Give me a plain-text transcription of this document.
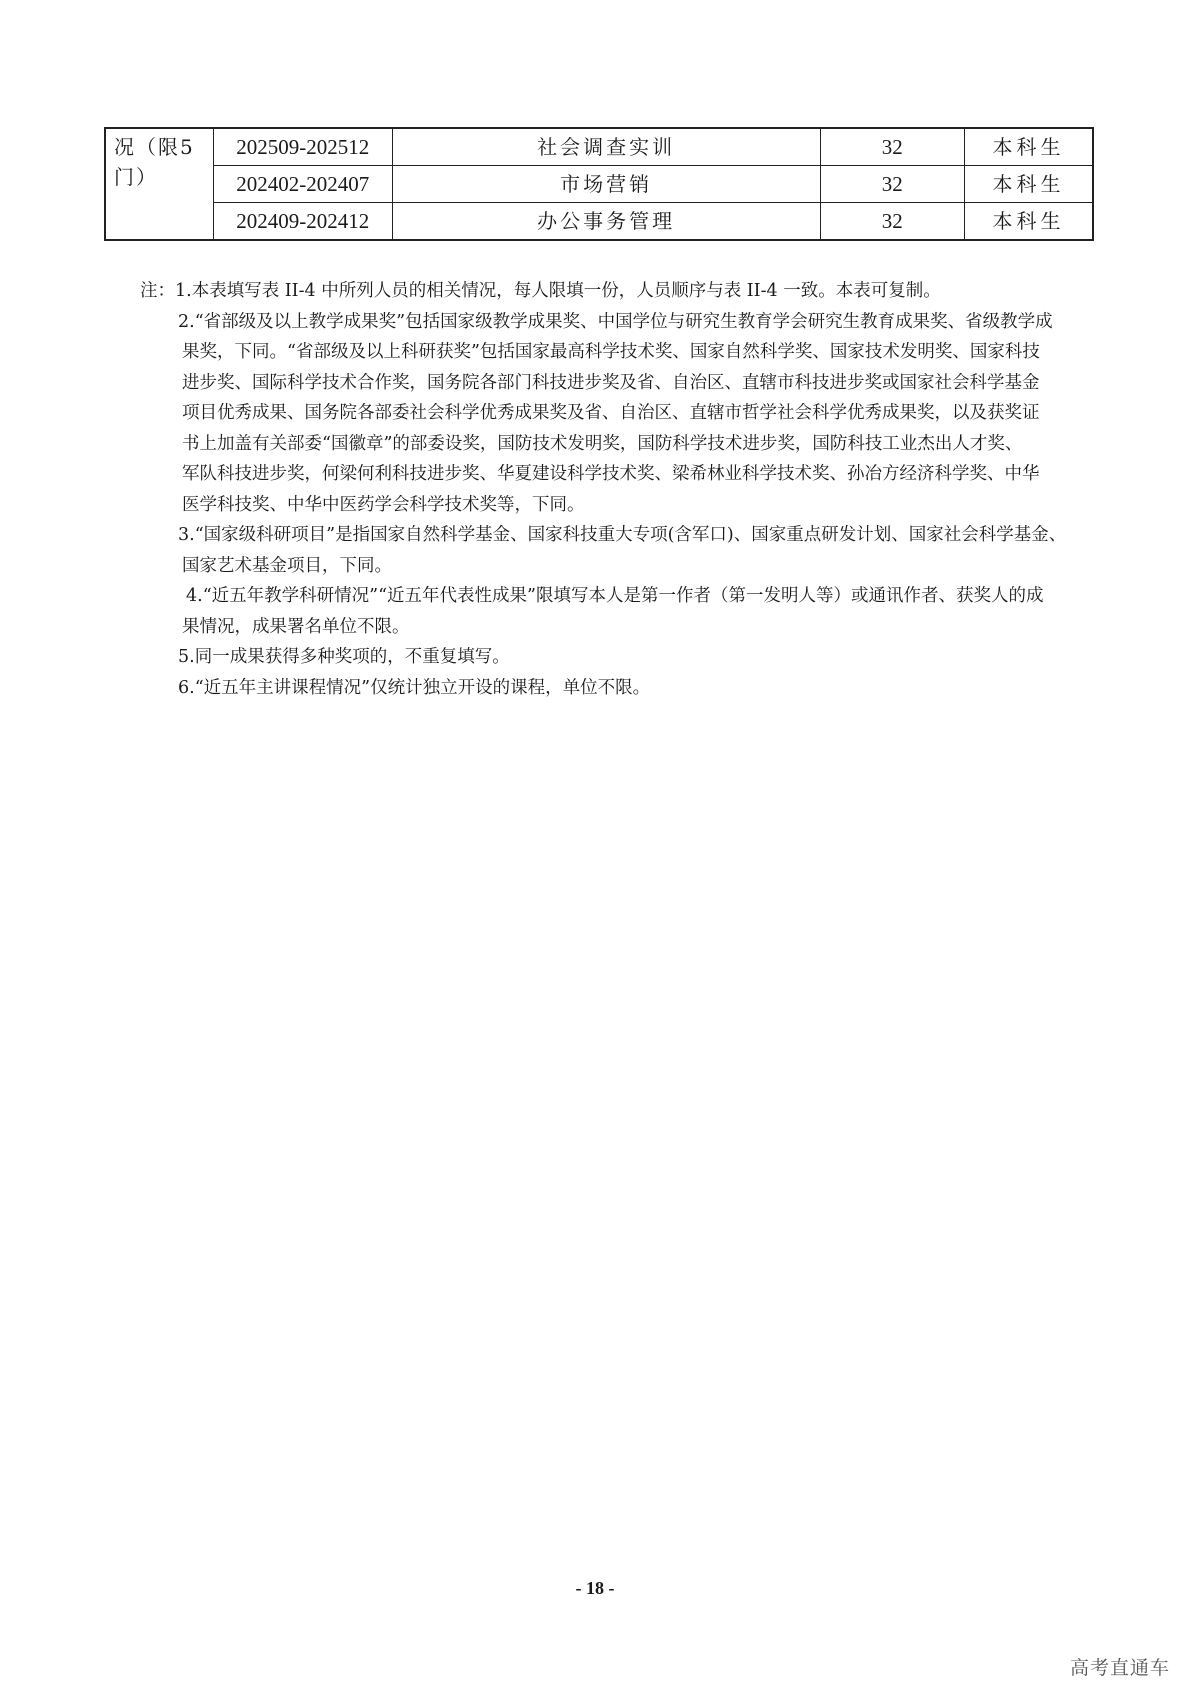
况（限5
门）	202509-202512	社会调查实训	32	本科生
	202402-202407	市场营销	32	本科生
	202409-202412	办公事务管理	32	本科生
注：1.本表填写表 II-4 中所列人员的相关情况，每人限填一份，人员顺序与表 II-4 一致。本表可复制。
2.“省部级及以上教学成果奖”包括国家级教学成果奖、中国学位与研究生教育学会研究生教育成果奖、省级教学成
果奖，下同。“省部级及以上科研获奖”包括国家最高科学技术奖、国家自然科学奖、国家技术发明奖、国家科技
进步奖、国际科学技术合作奖，国务院各部门科技进步奖及省、自治区、直辖市科技进步奖或国家社会科学基金
项目优秀成果、国务院各部委社会科学优秀成果奖及省、自治区、直辖市哲学社会科学优秀成果奖，以及获奖证
书上加盖有关部委“国徽章”的部委设奖，国防技术发明奖，国防科学技术进步奖，国防科技工业杰出人才奖、
军队科技进步奖，何梁何利科技进步奖、华夏建设科学技术奖、梁希林业科学技术奖、孙冶方经济科学奖、中华
医学科技奖、中华中医药学会科学技术奖等，下同。
3.“国家级科研项目”是指国家自然科学基金、国家科技重大专项(含军口)、国家重点研发计划、国家社会科学基金、
国家艺术基金项目，下同。
4.“近五年教学科研情况”“近五年代表性成果”限填写本人是第一作者（第一发明人等）或通讯作者、获奖人的成
果情况，成果署名单位不限。
5.同一成果获得多种奖项的，不重复填写。
6.“近五年主讲课程情况”仅统计独立开设的课程，单位不限。
- 18 -
高考直通车
